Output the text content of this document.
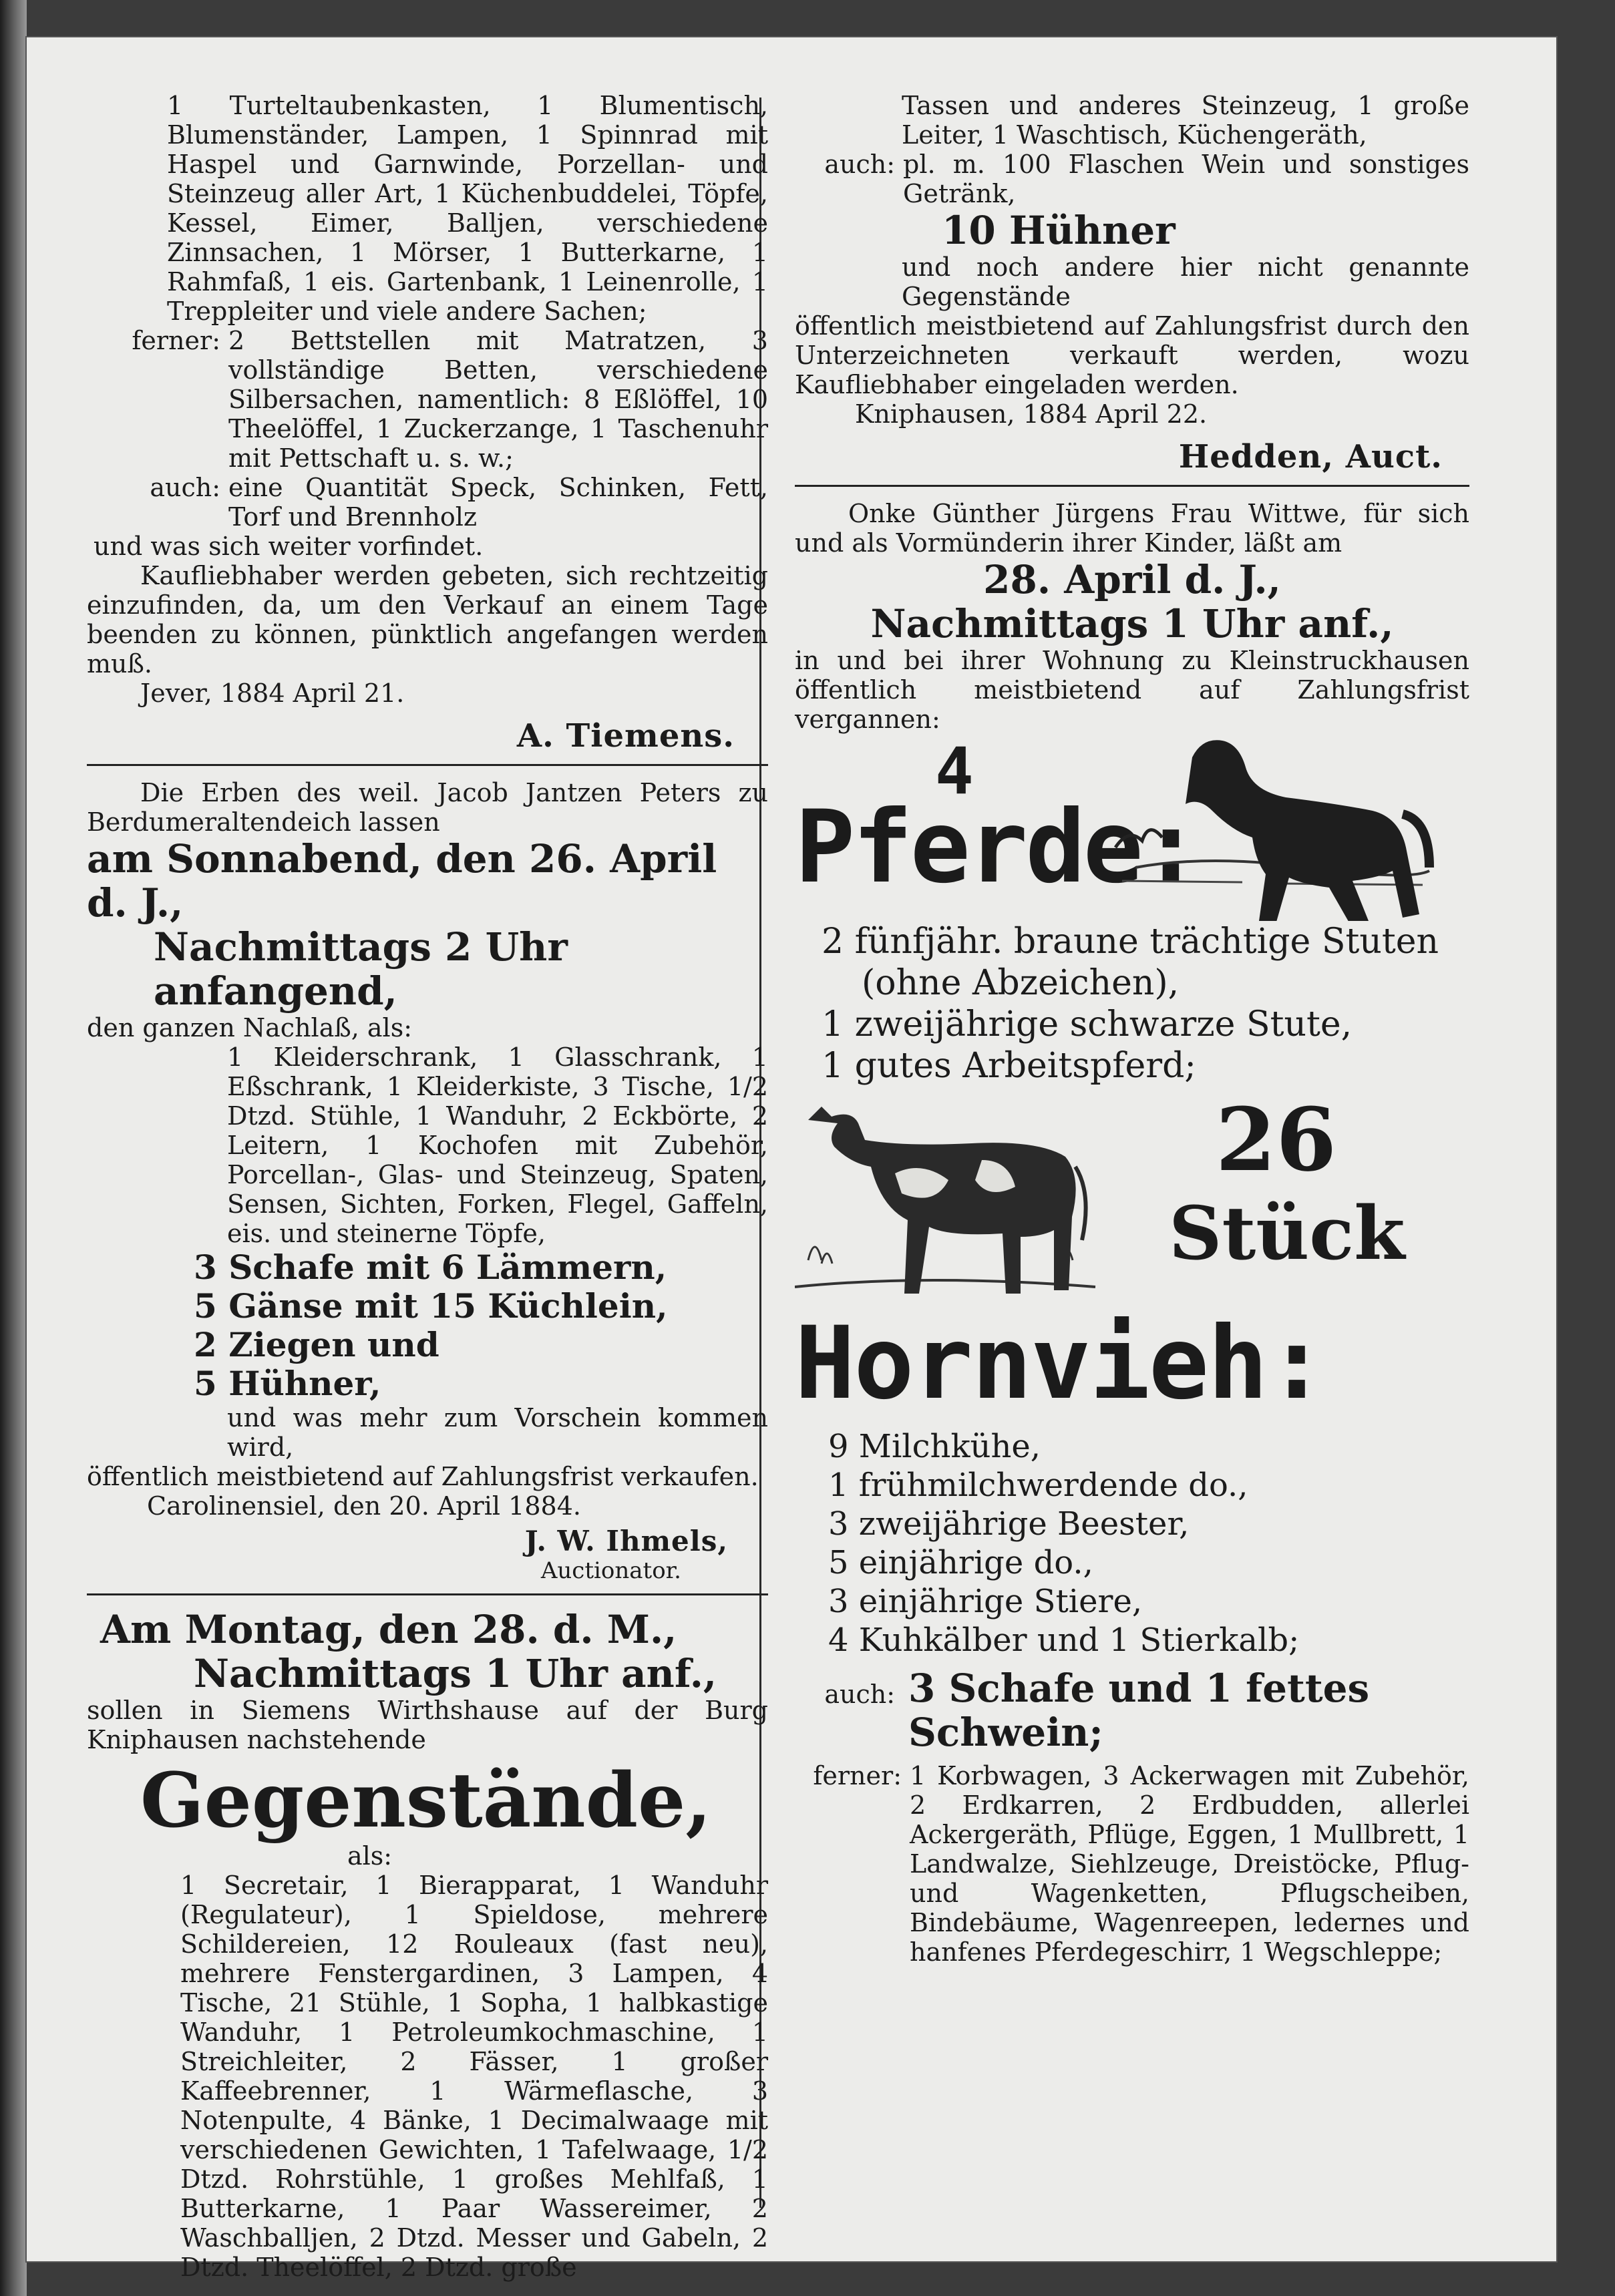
1 Turteltaubenkasten, 1 Blumentisch, Blumenständer, Lampen, 1 Spinnrad mit Haspel und Garnwinde, Porzellan- und Steinzeug aller Art, 1 Küchenbuddelei, Töpfe, Kessel, Eimer, Balljen, verschiedene Zinnsachen, 1 Mörser, 1 Butterkarne, 1 Rahmfaß, 1 eis. Gartenbank, 1 Leinenrolle, 1 Treppleiter und viele andere Sachen;

ferner: 2 Bettstellen mit Matratzen, 3 vollständige Betten, verschiedene Silbersachen, namentlich: 8 Eßlöffel, 10 Theelöffel, 1 Zuckerzange, 1 Taschenuhr mit Pettschaft u. s. w.;

auch: eine Quantität Speck, Schinken, Fett, Torf und Brennholz

und was sich weiter vorfindet.

Kaufliebhaber werden gebeten, sich rechtzeitig einzufinden, da, um den Verkauf an einem Tage beenden zu können, pünktlich angefangen werden muß.

Jever, 1884 April 21.

A. Tiemens.

Die Erben des weil. Jacob Jantzen Peters zu Berdumeraltendeich lassen

am Sonnabend, den 26. April d. J.,

Nachmittags 2 Uhr anfangend,

den ganzen Nachlaß, als:

1 Kleiderschrank, 1 Glasschrank, 1 Eßschrank, 1 Kleiderkiste, 3 Tische, 1/2 Dtzd. Stühle, 1 Wanduhr, 2 Eckbörte, 2 Leitern, 1 Kochofen mit Zubehör, Porcellan-, Glas- und Steinzeug, Spaten, Sensen, Sichten, Forken, Flegel, Gaffeln, eis. und steinerne Töpfe,

3 Schafe mit 6 Lämmern,

5 Gänse mit 15 Küchlein,

2 Ziegen und

5 Hühner,

und was mehr zum Vorschein kommen wird,

öffentlich meistbietend auf Zahlungsfrist verkaufen.

Carolinensiel, den 20. April 1884.

J. W. Ihmels,

Auctionator.

Am Montag, den 28. d. M.,

Nachmittags 1 Uhr anf.,

sollen in Siemens Wirthshause auf der Burg Kniphausen nachstehende

Gegenstände,

als:

1 Secretair, 1 Bierapparat, 1 Wanduhr (Regulateur), 1 Spieldose, mehrere Schildereien, 12 Rouleaux (fast neu), mehrere Fenstergardinen, 3 Lampen, 4 Tische, 21 Stühle, 1 Sopha, 1 halbkastige Wanduhr, 1 Petroleumkochmaschine, 1 Streichleiter, 2 Fässer, 1 großer Kaffeebrenner, 1 Wärmeflasche, 3 Notenpulte, 4 Bänke, 1 Decimalwaage mit verschiedenen Gewichten, 1 Tafelwaage, 1/2 Dtzd. Rohrstühle, 1 großes Mehlfaß, 1 Butterkarne, 1 Paar Wassereimer, 2 Waschballjen, 2 Dtzd. Messer und Gabeln, 2 Dtzd. Theelöffel, 2 Dtzd. große

Tassen und anderes Steinzeug, 1 große Leiter, 1 Waschtisch, Küchengeräth,

auch: pl. m. 100 Flaschen Wein und sonstiges Getränk,

10 Hühner

und noch andere hier nicht genannte Gegenstände

öffentlich meistbietend auf Zahlungsfrist durch den Unterzeichneten verkauft werden, wozu Kaufliebhaber eingeladen werden.

Kniphausen, 1884 April 22.

Hedden, Auct.

Onke Günther Jürgens Frau Wittwe, für sich und als Vormünderin ihrer Kinder, läßt am

28. April d. J.,

Nachmittags 1 Uhr anf.,

in und bei ihrer Wohnung zu Kleinstruckhausen öffentlich meistbietend auf Zahlungsfrist vergannen:

4
Pferde:

2 fünfjähr. braune trächtige Stuten

(ohne Abzeichen),

1 zweijährige schwarze Stute,

1 gutes Arbeitspferd;

26
Stück

Hornvieh:

9 Milchkühe,

1 frühmilchwerdende do.,

3 zweijährige Beester,

5 einjährige do.,

3 einjährige Stiere,

4 Kuhkälber und 1 Stierkalb;

auch: 3 Schafe und 1 fettes Schwein;

ferner: 1 Korbwagen, 3 Ackerwagen mit Zubehör, 2 Erdkarren, 2 Erdbudden, allerlei Ackergeräth, Pflüge, Eggen, 1 Mullbrett, 1 Landwalze, Siehlzeuge, Dreistöcke, Pflug- und Wagenketten, Pflugscheiben, Bindebäume, Wagenreepen, ledernes und hanfenes Pferdegeschirr, 1 Wegschleppe;
